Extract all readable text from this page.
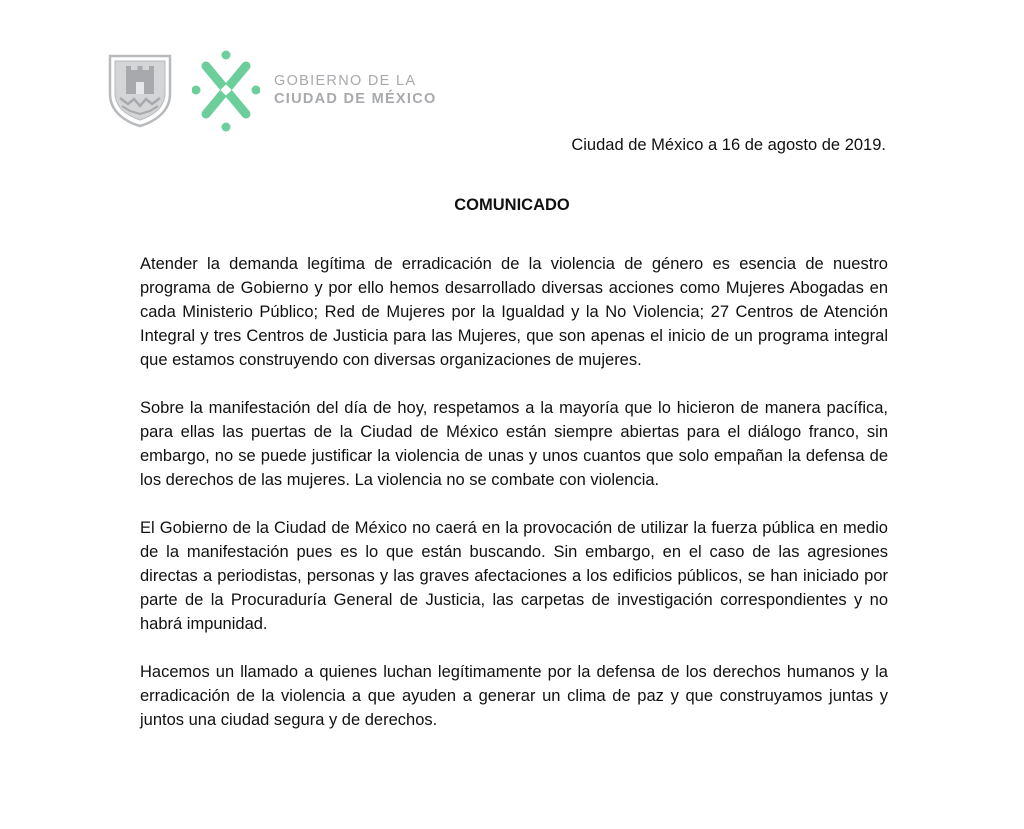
GOBIERNO DE LA
CIUDAD DE MÉXICO
Ciudad de México a 16 de agosto de 2019.
COMUNICADO

Atender la demanda legítima de erradicación de la violencia de género es esencia de nuestro programa de Gobierno y por ello hemos desarrollado diversas acciones como Mujeres Abogadas en cada Ministerio Público; Red de Mujeres por la Igualdad y la No Violencia; 27 Centros de Atención Integral y tres Centros de Justicia para las Mujeres, que son apenas el inicio de un programa integral que estamos construyendo con diversas organizaciones de mujeres.

Sobre la manifestación del día de hoy, respetamos a la mayoría que lo hicieron de manera pacífica, para ellas las puertas de la Ciudad de México están siempre abiertas para el diálogo franco, sin embargo, no se puede justificar la violencia de unas y unos cuantos que solo empañan la defensa de los derechos de las mujeres. La violencia no se combate con violencia.

El Gobierno de la Ciudad de México no caerá en la provocación de utilizar la fuerza pública en medio de la manifestación pues es lo que están buscando. Sin embargo, en el caso de las agresiones directas a periodistas, personas y las graves afectaciones a los edificios públicos, se han iniciado por parte de la Procuraduría General de Justicia, las carpetas de investigación correspondientes y no habrá impunidad.

Hacemos un llamado a quienes luchan legítimamente por la defensa de los derechos humanos y la erradicación de la violencia a que ayuden a generar un clima de paz y que construyamos juntas y juntos una ciudad segura y de derechos.
